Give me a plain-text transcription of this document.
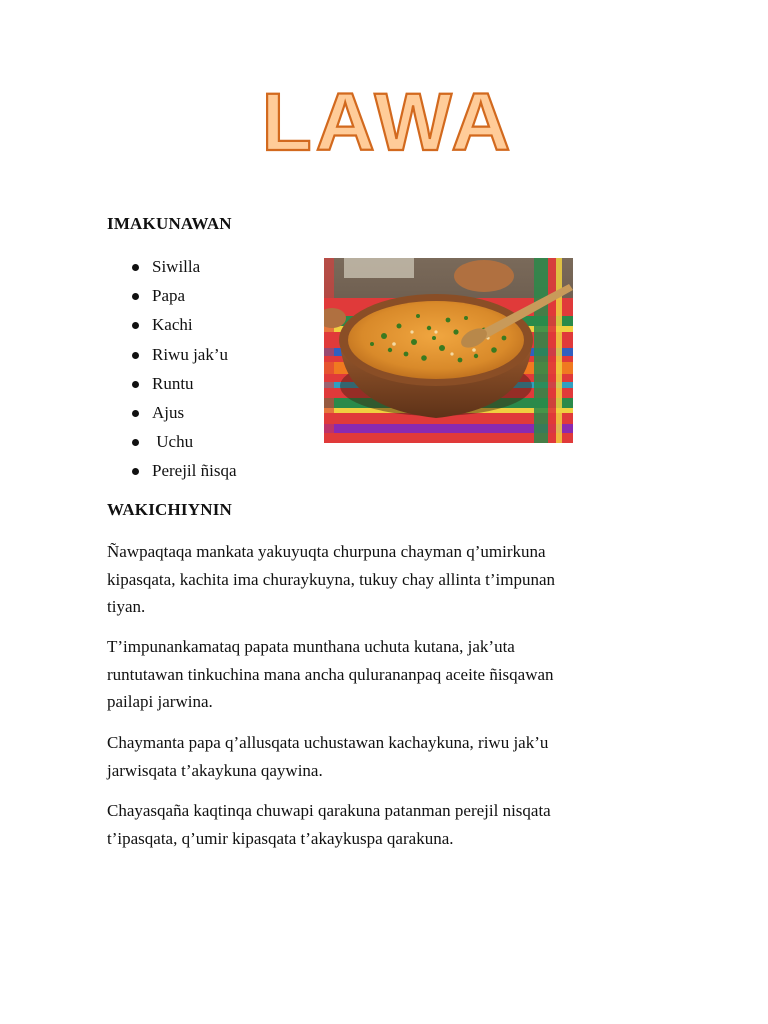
LAWA
IMAKUNAWAN
Siwilla
Papa
Kachi
Riwu jak’u
Runtu
Ajus
Uchu
Perejil ñisqa
WAKICHIYNIN

Ñawpaqtaqa mankata yakuyuqta churpuna chayman q’umirkuna
kipasqata, kachita ima churaykuyna, tukuy chay allinta t’impunan
tiyan.

T’impunankamataq papata munthana uchuta kutana, jak’uta
runtutawan tinkuchina mana ancha qulurananpaq aceite ñisqawan
pailapi jarwina.

Chaymanta papa q’allusqata uchustawan kachaykuna, riwu jak’u
jarwisqata t’akaykuna qaywina.

Chayasqaña kaqtinqa chuwapi qarakuna patanman perejil nisqata
t’ipasqata, q’umir kipasqata t’akaykuspa qarakuna.
